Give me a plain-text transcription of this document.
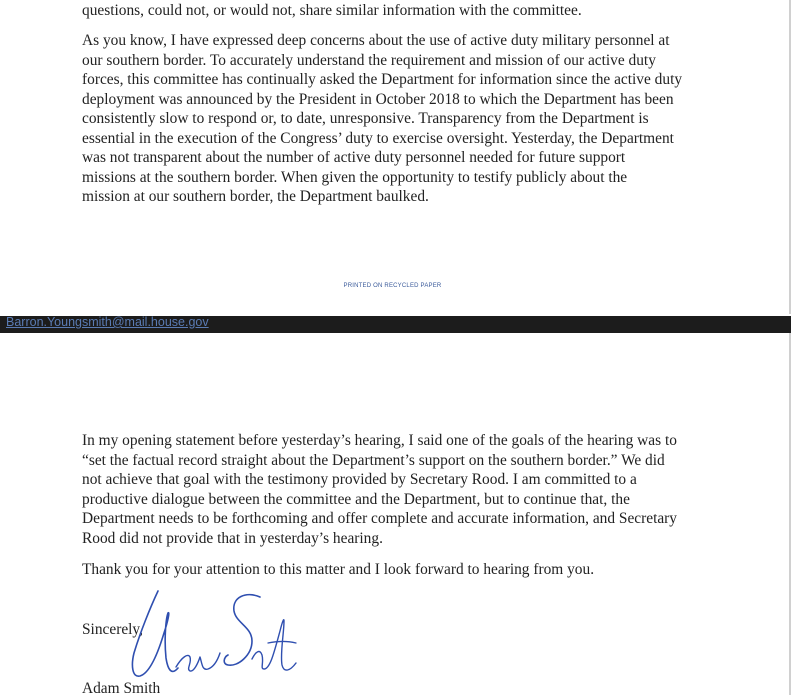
questions, could not, or would not, share similar information with the committee.

As you know, I have expressed deep concerns about the use of active duty military personnel at
our southern border. To accurately understand the requirement and mission of our active duty
forces, this committee has continually asked the Department for information since the active duty
deployment was announced by the President in October 2018 to which the Department has been
consistently slow to respond or, to date, unresponsive. Transparency from the Department is
essential in the execution of the Congress’ duty to exercise oversight. Yesterday, the Department
was not transparent about the number of active duty personnel needed for future support
missions at the southern border. When given the opportunity to testify publicly about the
mission at our southern border, the Department baulked.

PRINTED ON RECYCLED PAPER

Barron.Youngsmith@mail.house.gov

In my opening statement before yesterday’s hearing, I said one of the goals of the hearing was to
“set the factual record straight about the Department’s support on the southern border.” We did
not achieve that goal with the testimony provided by Secretary Rood. I am committed to a
productive dialogue between the committee and the Department, but to continue that, the
Department needs to be forthcoming and offer complete and accurate information, and Secretary
Rood did not provide that in yesterday’s hearing.

Thank you for your attention to this matter and I look forward to hearing from you.

Sincerely,

Adam Smith
